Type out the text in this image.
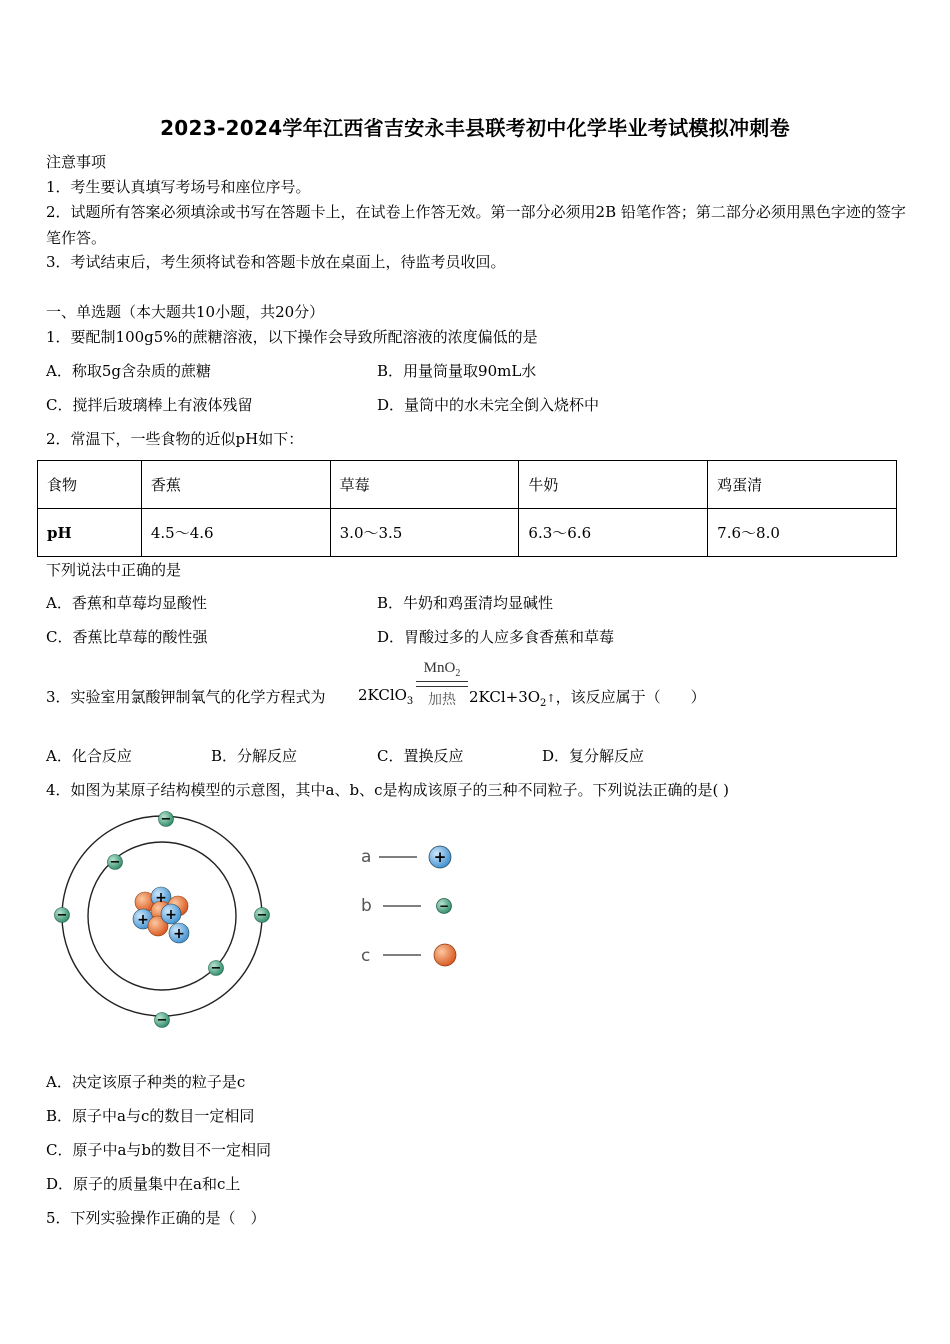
2023-2024学年江西省吉安永丰县联考初中化学毕业考试模拟冲刺卷
注意事项
1．考生要认真填写考场号和座位序号。
2．试题所有答案必须填涂或书写在答题卡上，在试卷上作答无效。第一部分必须用2B 铅笔作答；第二部分必须用黑色字迹的签字笔作答。
3．考试结束后，考生须将试卷和答题卡放在桌面上，待监考员收回。
一、单选题（本大题共10小题，共20分）
1．要配制100g5%的蔗糖溶液，以下操作会导致所配溶液的浓度偏低的是
A．称取5g含杂质的蔗糖	B．用量筒量取90mL水
C．搅拌后玻璃棒上有液体残留	D．量筒中的水未完全倒入烧杯中
2．常温下，一些食物的近似pH如下：
食物	香蕉	草莓	牛奶	鸡蛋清
pH	4.5～4.6	3.0～3.5	6.3～6.6	7.6～8.0
下列说法中正确的是
A．香蕉和草莓均显酸性	B．牛奶和鸡蛋清均显碱性
C．香蕉比草莓的酸性强	D．胃酸过多的人应多食香蕉和草莓
3．实验室用氯酸钾制氧气的化学方程式为 2KClO$_3$
MnO$_2$
加热 $2KCl+3O_2↑$，该反应属于（　　）
A．化合反应	B．分解反应	C．置换反应	D．复分解反应
4．如图为某原子结构模型的示意图，其中a、b、c是构成该原子的三种不同粒子。下列说法正确的是( )
+
+
+
+
−
−
−	−
−
−
a
b
c
+
−
A．决定该原子种类的粒子是c
B．原子中a与c的数目一定相同
C．原子中a与b的数目不一定相同
D．原子的质量集中在a和c上
5．下列实验操作正确的是（　）
